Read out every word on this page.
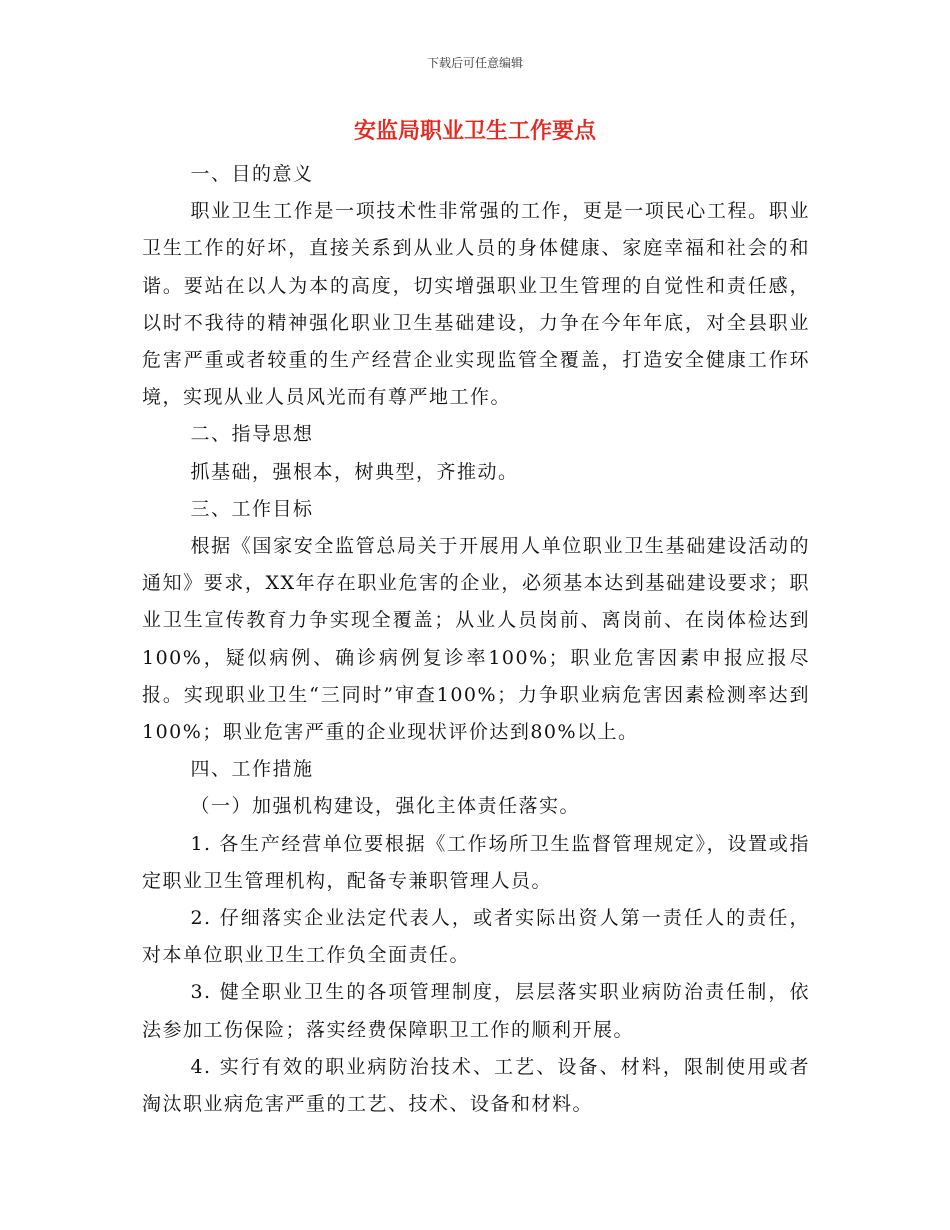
下载后可任意编辑
安监局职业卫生工作要点

一、目的意义

职业卫生工作是一项技术性非常强的工作，更是一项民心工程。职业卫生工作的好坏，直接关系到从业人员的身体健康、家庭幸福和社会的和谐。要站在以人为本的高度，切实增强职业卫生管理的自觉性和责任感，以时不我待的精神强化职业卫生基础建设，力争在今年年底，对全县职业危害严重或者较重的生产经营企业实现监管全覆盖，打造安全健康工作环境，实现从业人员风光而有尊严地工作。

二、指导思想

抓基础，强根本，树典型，齐推动。

三、工作目标

根据《国家安全监管总局关于开展用人单位职业卫生基础建设活动的通知》要求，XX年存在职业危害的企业，必须基本达到基础建设要求；职业卫生宣传教育力争实现全覆盖；从业人员岗前、离岗前、在岗体检达到100%，疑似病例、确诊病例复诊率100%；职业危害因素申报应报尽报。实现职业卫生“三同时”审查100%；力争职业病危害因素检测率达到100%；职业危害严重的企业现状评价达到80%以上。

四、工作措施

（一）加强机构建设，强化主体责任落实。

1. 各生产经营单位要根据《工作场所卫生监督管理规定》，设置或指定职业卫生管理机构，配备专兼职管理人员。

2. 仔细落实企业法定代表人，或者实际出资人第一责任人的责任，对本单位职业卫生工作负全面责任。

3. 健全职业卫生的各项管理制度，层层落实职业病防治责任制，依法参加工伤保险；落实经费保障职卫工作的顺利开展。

4. 实行有效的职业病防治技术、工艺、设备、材料，限制使用或者淘汰职业病危害严重的工艺、技术、设备和材料。
